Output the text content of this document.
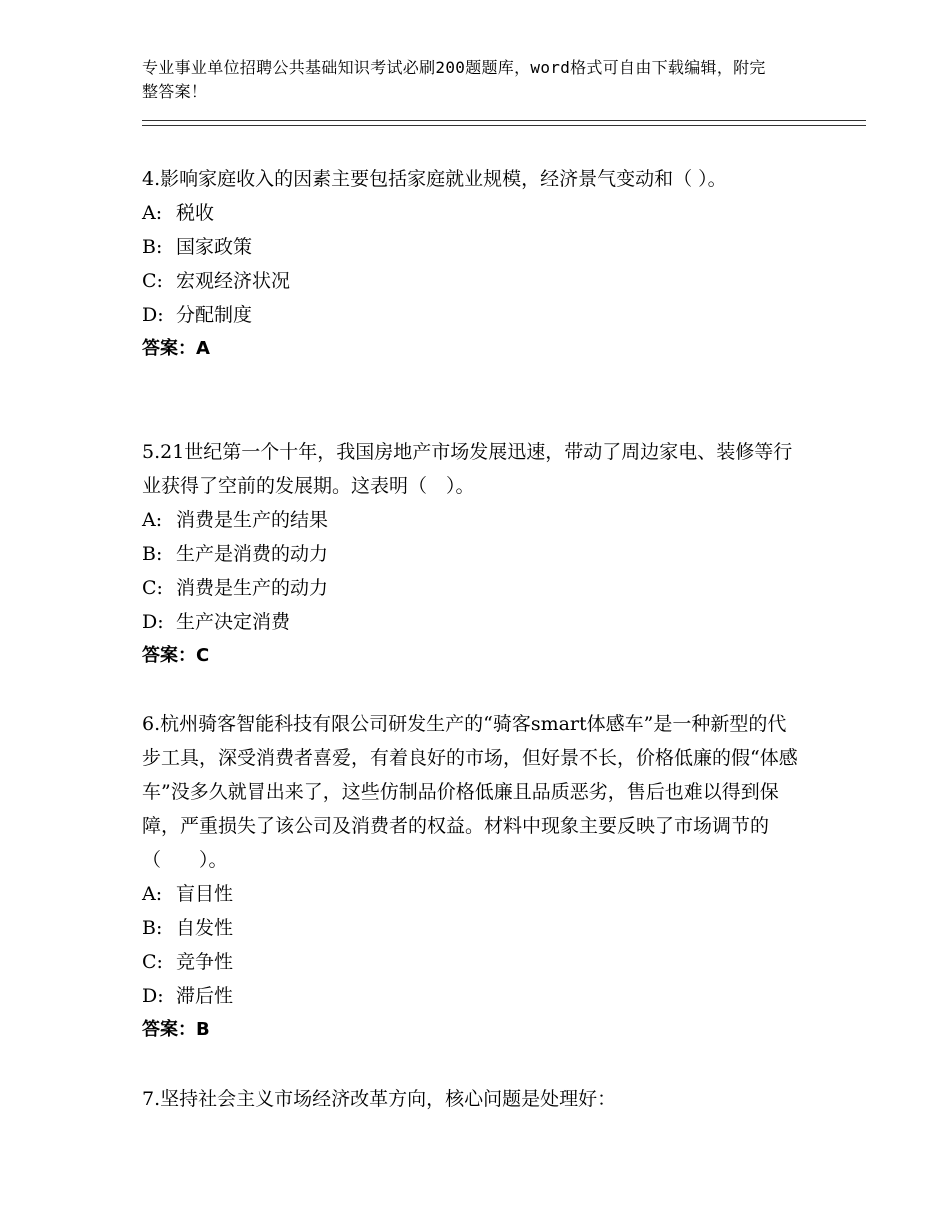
专业事业单位招聘公共基础知识考试必刷200题题库，word格式可自由下载编辑，附完整答案！

4.影响家庭收入的因素主要包括家庭就业规模，经济景气变动和（ ）。

A: 税收

B: 国家政策

C: 宏观经济状况

D: 分配制度

答案：A

5.21世纪第一个十年，我国房地产市场发展迅速，带动了周边家电、装修等行业获得了空前的发展期。这表明（　）。

A: 消费是生产的结果

B: 生产是消费的动力

C: 消费是生产的动力

D: 生产决定消费

答案：C

6.杭州骑客智能科技有限公司研发生产的“骑客smart体感车”是一种新型的代步工具，深受消费者喜爱，有着良好的市场，但好景不长，价格低廉的假“体感车”没多久就冒出来了，这些仿制品价格低廉且品质恶劣，售后也难以得到保障，严重损失了该公司及消费者的权益。材料中现象主要反映了市场调节的（　　）。

A: 盲目性

B: 自发性

C: 竞争性

D: 滞后性

答案：B

7.坚持社会主义市场经济改革方向，核心问题是处理好：
